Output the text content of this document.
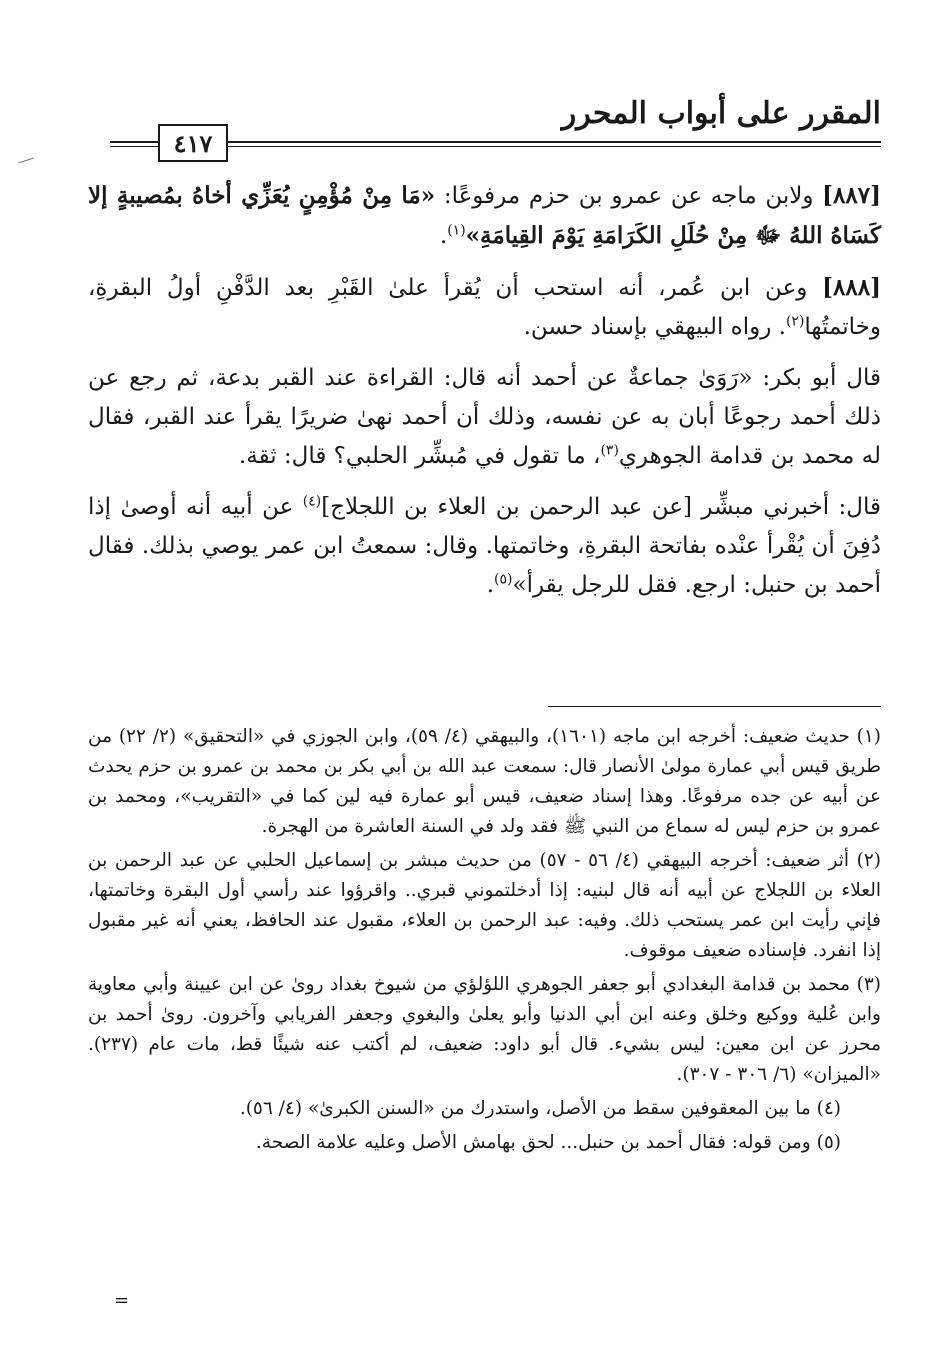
المقرر على أبواب المحرر
٤١٧

[٨٨٧] ولابن ماجه عن عمرو بن حزم مرفوعًا: «مَا مِنْ مُؤْمِنٍ يُعَزِّي أخاهُ بمُصيبةٍ إلا كَسَاهُ اللهُ ﷻ مِنْ حُلَلِ الكَرَامَةِ يَوْمَ القِيامَةِ»$^{(١)}$.

[٨٨٨] وعن ابن عُمر، أنه استحب أن يُقرأ علىٰ القَبْرِ بعد الدَّفْنِ أولُ البقرةِ، وخاتمتُها$^{(٢)}$. رواه البيهقي بإسناد حسن.

قال أبو بكر: «رَوَىٰ جماعةٌ عن أحمد أنه قال: القراءة عند القبر بدعة، ثم رجع عن ذلك أحمد رجوعًا أبان به عن نفسه، وذلك أن أحمد نهىٰ ضريرًا يقرأ عند القبر، فقال له محمد بن قدامة الجوهري$^{(٣)}$، ما تقول في مُبشِّر الحلبي؟ قال: ثقة.

قال: أخبرني مبشِّر [عن عبد الرحمن بن العلاء بن اللجلاج]$^{(٤)}$ عن أبيه أنه أوصىٰ إذا دُفِنَ أن يُقْرأ عنْده بفاتحة البقرةِ، وخاتمتها. وقال: سمعتُ ابن عمر يوصي بذلك. فقال أحمد بن حنبل: ارجع. فقل للرجل يقرأ»$^{(٥)}$.

(١) حديث ضعيف: أخرجه ابن ماجه (١٦٠١)، والبيهقي (٤/ ٥٩)، وابن الجوزي في «التحقيق» (٢/ ٢٢) من طريق قيس أبي عمارة مولىٰ الأنصار قال: سمعت عبد الله بن أبي بكر بن محمد بن عمرو بن حزم يحدث عن أبيه عن جده مرفوعًا. وهذا إسناد ضعيف، قيس أبو عمارة فيه لين كما في «التقريب»، ومحمد بن عمرو بن حزم ليس له سماع من النبي ﷺ فقد ولد في السنة العاشرة من الهجرة.

(٢) أثر ضعيف: أخرجه البيهقي (٤/ ٥٦ - ٥٧) من حديث مبشر بن إسماعيل الحلبي عن عبد الرحمن بن العلاء بن اللجلاج عن أبيه أنه قال لبنيه: إذا أدخلتموني قبري.. واقرؤوا عند رأسي أول البقرة وخاتمتها، فإني رأيت ابن عمر يستحب ذلك. وفيه: عبد الرحمن بن العلاء، مقبول عند الحافظ، يعني أنه غير مقبول إذا انفرد. فإسناده ضعيف موقوف.

(٣) محمد بن قدامة البغدادي أبو جعفر الجوهري اللؤلؤي من شيوخ بغداد روىٰ عن ابن عيينة وأبي معاوية وابن عُلية ووكيع وخلق وعنه ابن أبي الدنيا وأبو يعلىٰ والبغوي وجعفر الفريابي وآخرون. روىٰ أحمد بن محرز عن ابن معين: ليس بشيء. قال أبو داود: ضعيف، لم أكتب عنه شيئًا قط، مات عام (٢٣٧). «الميزان» (٦/ ٣٠٦ - ٣٠٧).

(٤) ما بين المعقوفين سقط من الأصل، واستدرك من «السنن الكبرىٰ» (٤/ ٥٦).

(٥) ومن قوله: فقال أحمد بن حنبل... لحق بهامش الأصل وعليه علامة الصحة.

=
